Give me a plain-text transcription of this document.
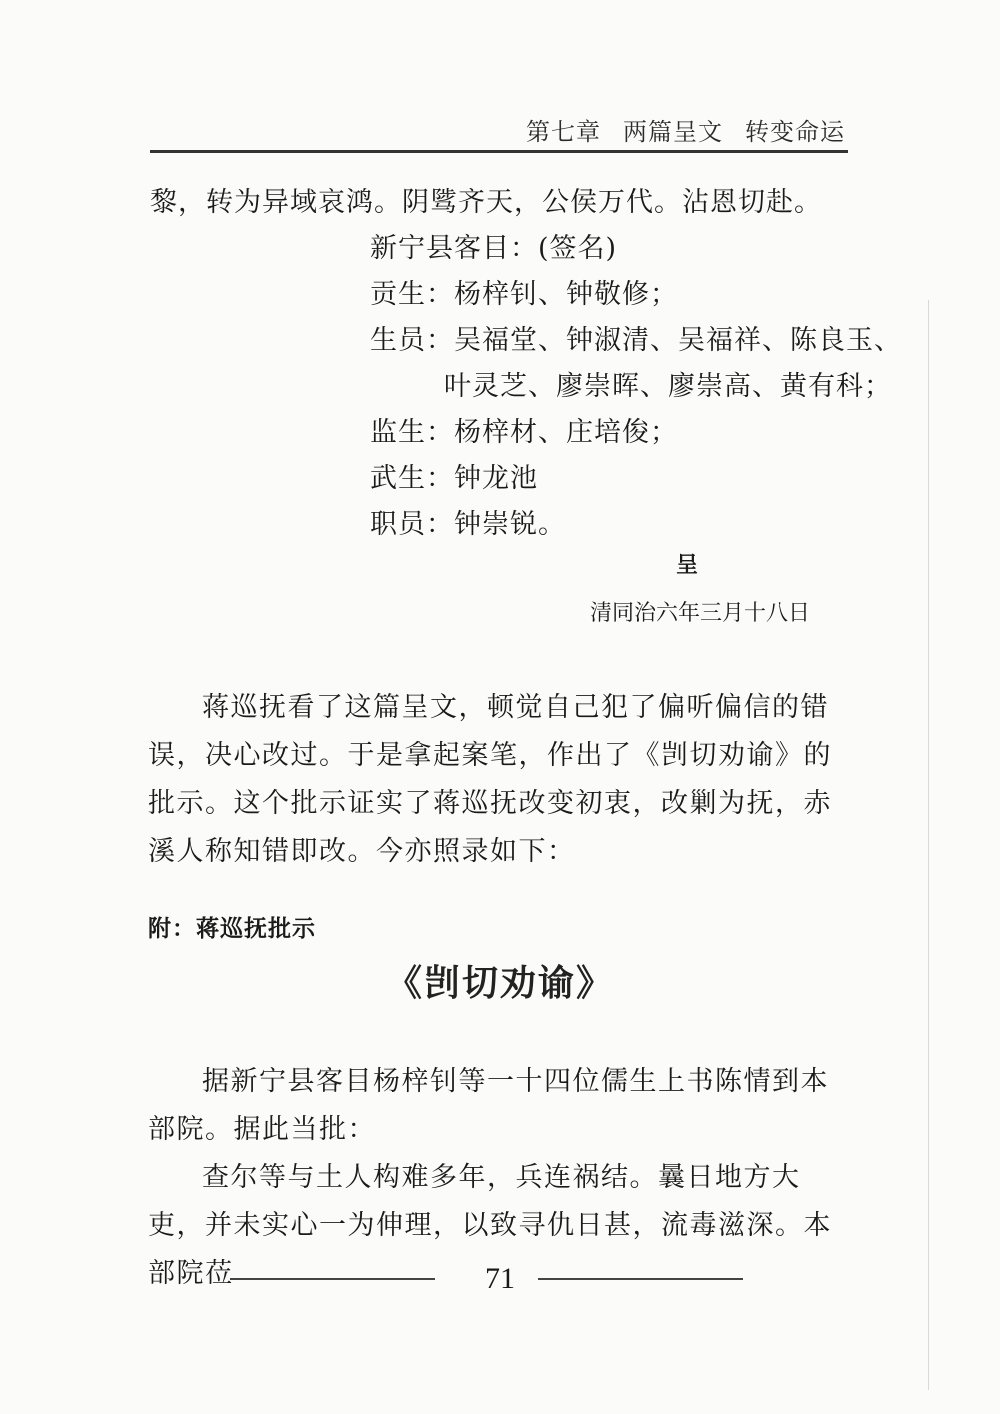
第七章 两篇呈文 转变命运
黎，转为异域哀鸿。阴骘齐天，公侯万代。沾恩切赴。
新宁县客目：(签名)
贡生：杨梓钊、钟敬修；
生员：吴福堂、钟淑清、吴福祥、陈良玉、
叶灵芝、廖崇晖、廖崇高、黄有科；
监生：杨梓材、庄培俊；
武生：钟龙池
职员：钟崇锐。
呈
清同治六年三月十八日
蒋巡抚看了这篇呈文，顿觉自己犯了偏听偏信的错误，决心改过。于是拿起案笔，作出了《剀切劝谕》的批示。这个批示证实了蒋巡抚改变初衷，改剿为抚，赤溪人称知错即改。今亦照录如下：
附：蒋巡抚批示
《剀切劝谕》
据新宁县客目杨梓钊等一十四位儒生上书陈情到本部院。据此当批：
查尔等与土人构难多年，兵连祸结。曩日地方大吏，并未实心一为伸理，以致寻仇日甚，流毒滋深。本部院莅	71
